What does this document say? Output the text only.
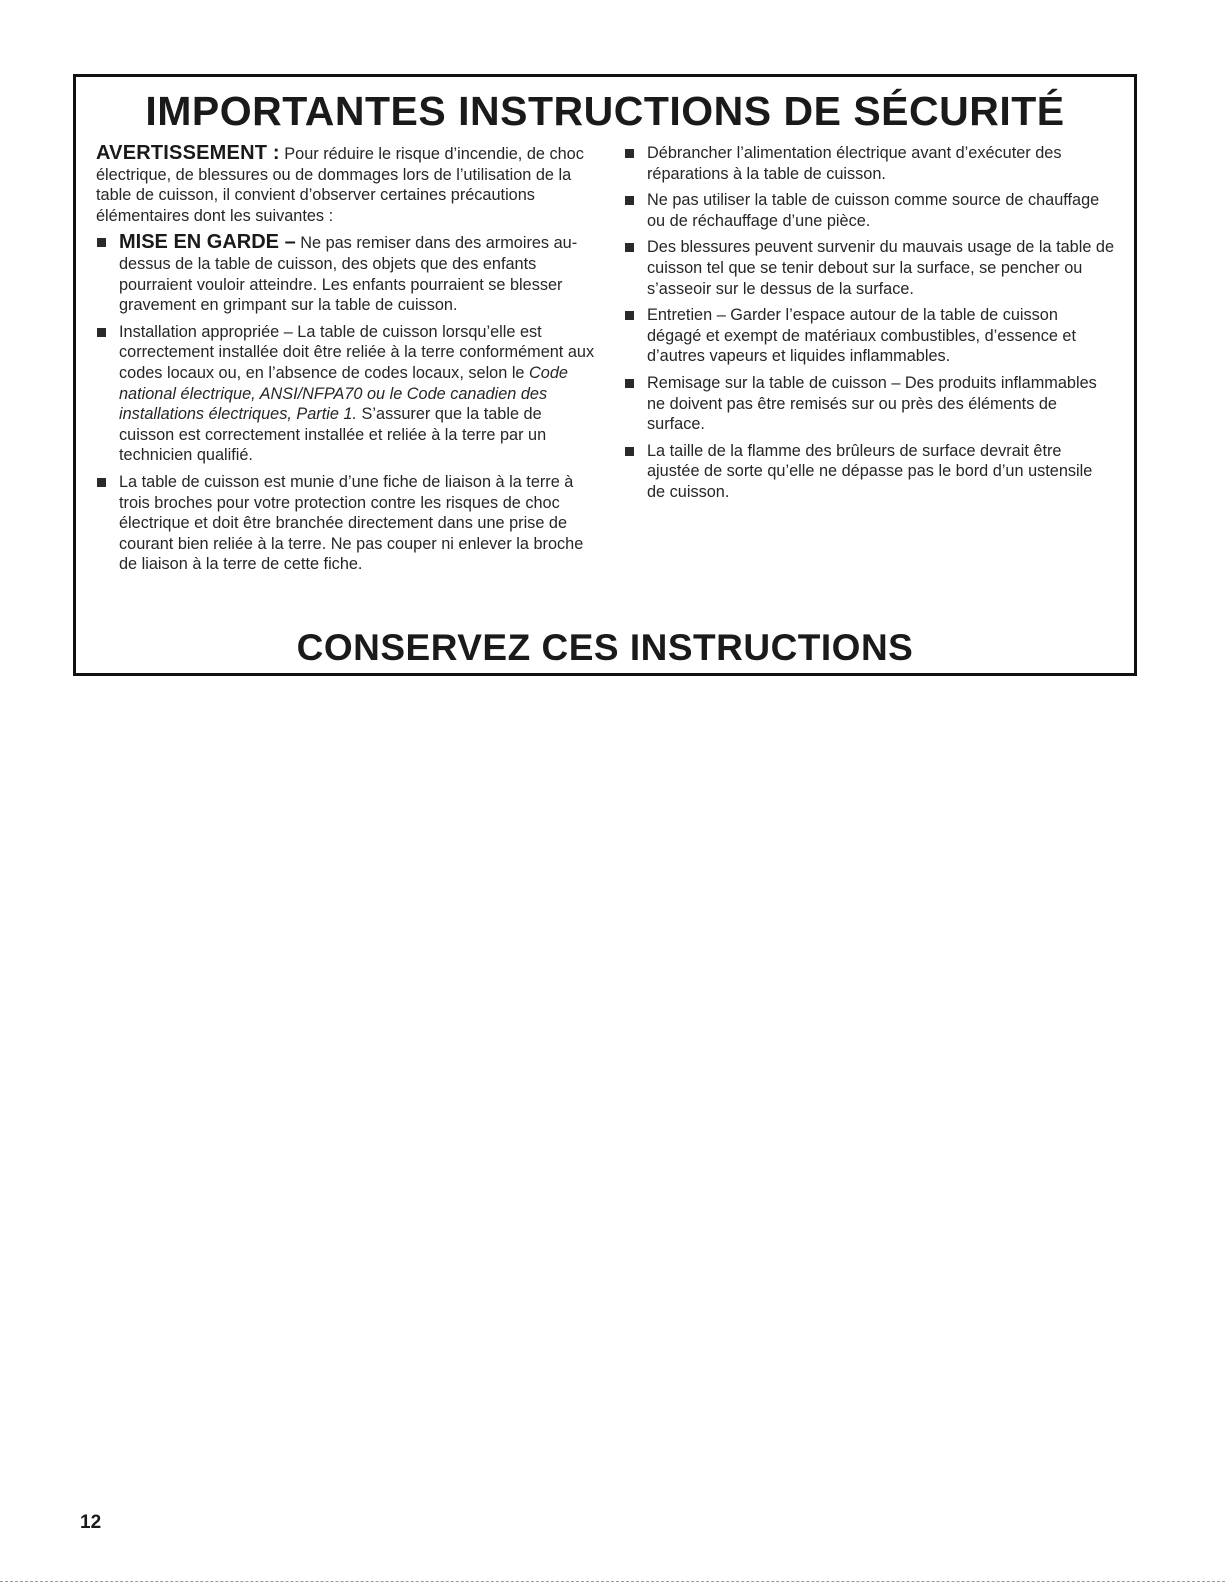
IMPORTANTES INSTRUCTIONS DE SÉCURITÉ

AVERTISSEMENT : Pour réduire le risque d’incendie, de choc électrique, de blessures ou de dommages lors de l’utilisation de la table de cuisson, il convient d’observer certaines précautions élémentaires dont les suivantes :

MISE EN GARDE – Ne pas remiser dans des armoires au-dessus de la table de cuisson, des objets que des enfants pourraient vouloir atteindre. Les enfants pourraient se blesser gravement en grimpant sur la table de cuisson.
Installation appropriée – La table de cuisson lorsqu’elle est correctement installée doit être reliée à la terre conformément aux codes locaux ou, en l’absence de codes locaux, selon le Code national électrique, ANSI/NFPA70 ou le Code canadien des installations électriques, Partie 1. S’assurer que la table de cuisson est correctement installée et reliée à la terre par un technicien qualifié.
La table de cuisson est munie d’une fiche de liaison à la terre à trois broches pour votre protection contre les risques de choc électrique et doit être branchée directement dans une prise de courant bien reliée à la terre. Ne pas couper ni enlever la broche de liaison à la terre de cette fiche.
Débrancher l’alimentation électrique avant d’exécuter des réparations à la table de cuisson.
Ne pas utiliser la table de cuisson comme source de chauffage ou de réchauffage d’une pièce.
Des blessures peuvent survenir du mauvais usage de la table de cuisson tel que se tenir debout sur la surface, se pencher ou s’asseoir sur le dessus de la surface.
Entretien – Garder l’espace autour de la table de cuisson dégagé et exempt de matériaux combustibles, d’essence et d’autres vapeurs et liquides inflammables.
Remisage sur la table de cuisson – Des produits inflammables ne doivent pas être remisés sur ou près des éléments de surface.
La taille de la flamme des brûleurs de surface devrait être ajustée de sorte qu’elle ne dépasse pas le bord d’un ustensile de cuisson.
CONSERVEZ CES INSTRUCTIONS
12
